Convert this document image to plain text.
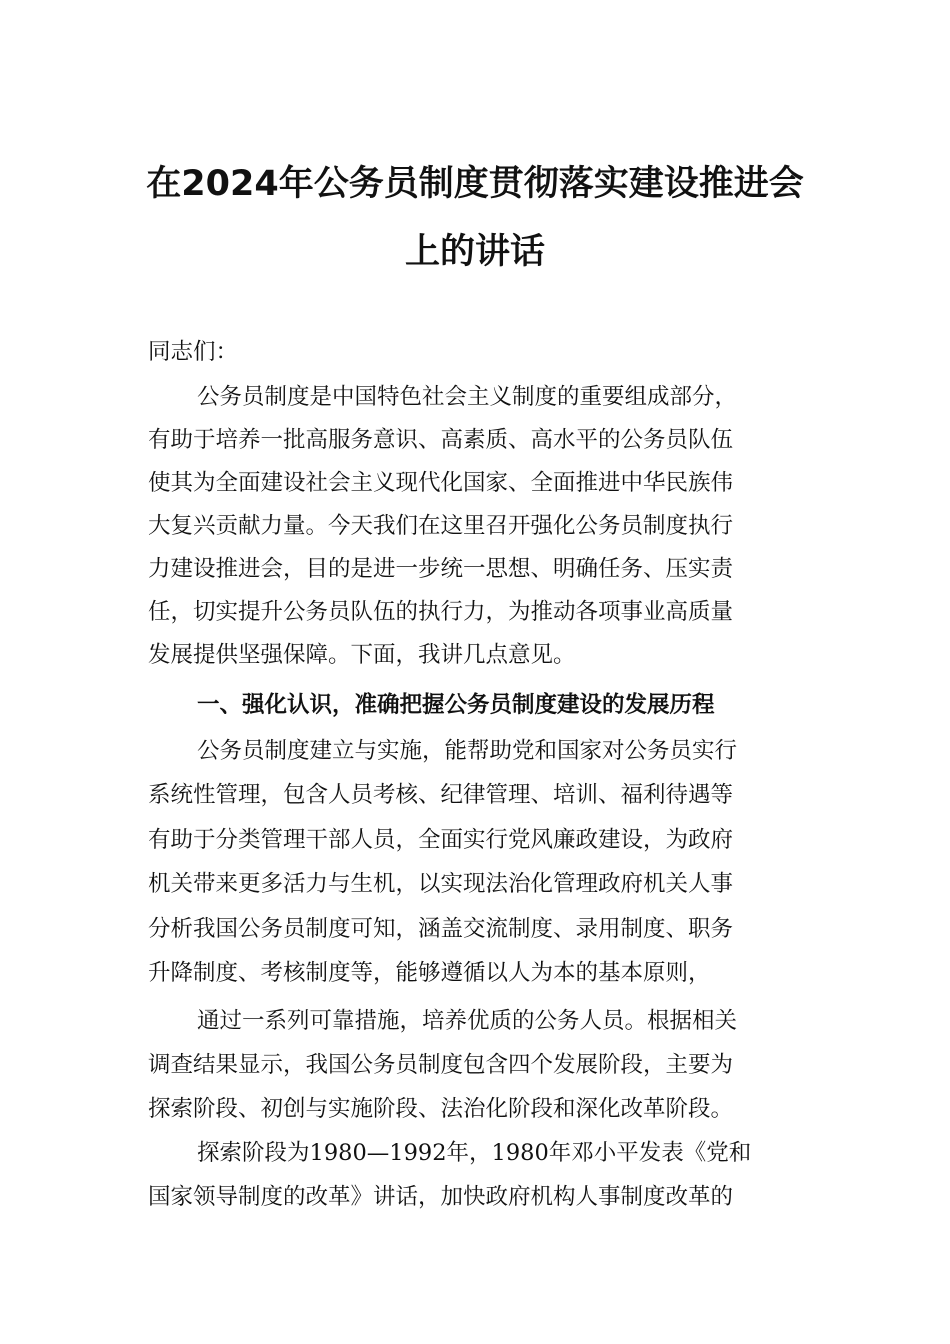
在2024年公务员制度贯彻落实建设推进会
上的讲话
同志们：
公务员制度是中国特色社会主义制度的重要组成部分，
有助于培养一批高服务意识、高素质、高水平的公务员队伍
使其为全面建设社会主义现代化国家、全面推进中华民族伟
大复兴贡献力量。今天我们在这里召开强化公务员制度执行
力建设推进会，目的是进一步统一思想、明确任务、压实责
任，切实提升公务员队伍的执行力，为推动各项事业高质量
发展提供坚强保障。下面，我讲几点意见。
一、强化认识，准确把握公务员制度建设的发展历程
公务员制度建立与实施，能帮助党和国家对公务员实行
系统性管理，包含人员考核、纪律管理、培训、福利待遇等
有助于分类管理干部人员，全面实行党风廉政建设，为政府
机关带来更多活力与生机，以实现法治化管理政府机关人事
分析我国公务员制度可知，涵盖交流制度、录用制度、职务
升降制度、考核制度等，能够遵循以人为本的基本原则，
通过一系列可靠措施，培养优质的公务人员。根据相关
调查结果显示，我国公务员制度包含四个发展阶段，主要为
探索阶段、初创与实施阶段、法治化阶段和深化改革阶段。
探索阶段为1980—1992年，1980年邓小平发表《党和
国家领导制度的改革》讲话，加快政府机构人事制度改革的
